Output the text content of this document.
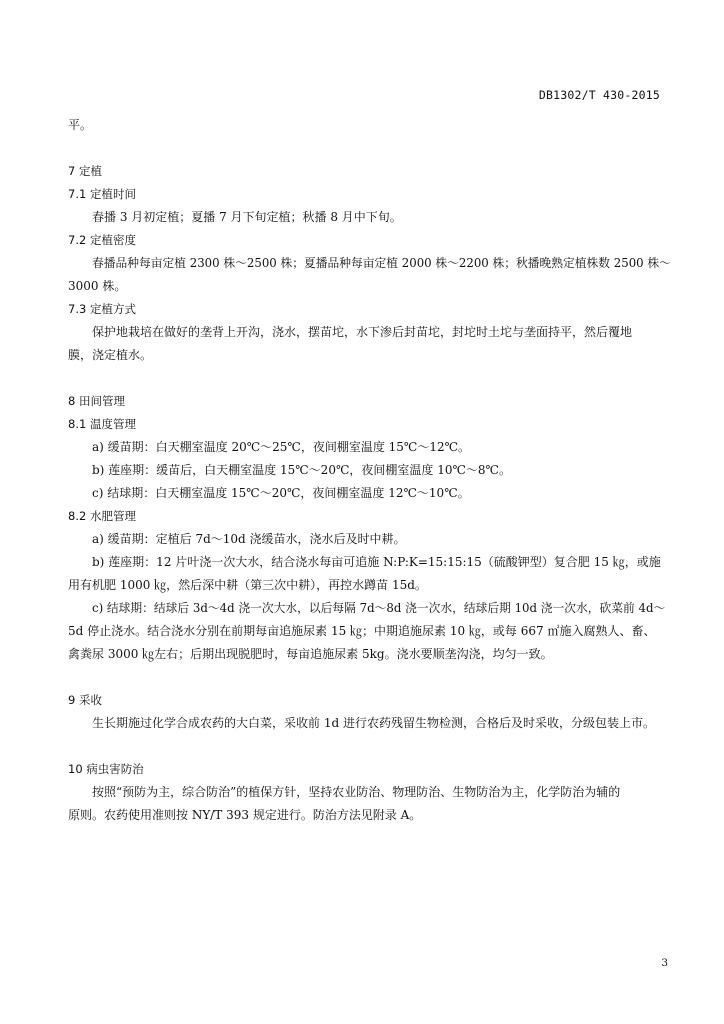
DB1302/T 430-2015
平。
7 定植
7.1 定植时间
春播 3 月初定植；夏播 7 月下旬定植；秋播 8 月中下旬。
7.2 定植密度
春播品种每亩定植 2300 株～2500 株；夏播品种每亩定植 2000 株～2200 株；秋播晚熟定植株数 2500 株～
3000 株。
7.3 定植方式
保护地栽培在做好的垄背上开沟，浇水，摆苗坨，水下渗后封苗坨，封坨时土坨与垄面持平，然后覆地
膜，浇定植水。
8 田间管理
8.1 温度管理
a) 缓苗期：白天棚室温度 20℃～25℃，夜间棚室温度 15℃～12℃。
b) 莲座期：缓苗后，白天棚室温度 15℃～20℃，夜间棚室温度 10℃～8℃。
c) 结球期：白天棚室温度 15℃～20℃，夜间棚室温度 12℃～10℃。
8.2 水肥管理
a) 缓苗期：定植后 7d～10d 浇缓苗水，浇水后及时中耕。
b) 莲座期：12 片叶浇一次大水，结合浇水每亩可追施 N:P:K=15:15:15（硫酸钾型）复合肥 15 ㎏，或施
用有机肥 1000 ㎏，然后深中耕（第三次中耕），再控水蹲苗 15d。
c) 结球期：结球后 3d～4d 浇一次大水，以后每隔 7d～8d 浇一次水，结球后期 10d 浇一次水，砍菜前 4d～
5d 停止浇水。结合浇水分别在前期每亩追施尿素 15 ㎏；中期追施尿素 10 ㎏，或每 667 ㎡施入腐熟人、畜、
禽粪尿 3000 ㎏左右；后期出现脱肥时，每亩追施尿素 5kg。浇水要顺垄沟浇，均匀一致。
9 采收
生长期施过化学合成农药的大白菜，采收前 1d 进行农药残留生物检测，合格后及时采收，分级包装上市。
10 病虫害防治
按照“预防为主，综合防治”的植保方针，坚持农业防治、物理防治、生物防治为主，化学防治为辅的
原则。农药使用准则按 NY/T 393 规定进行。防治方法见附录 A。
3
